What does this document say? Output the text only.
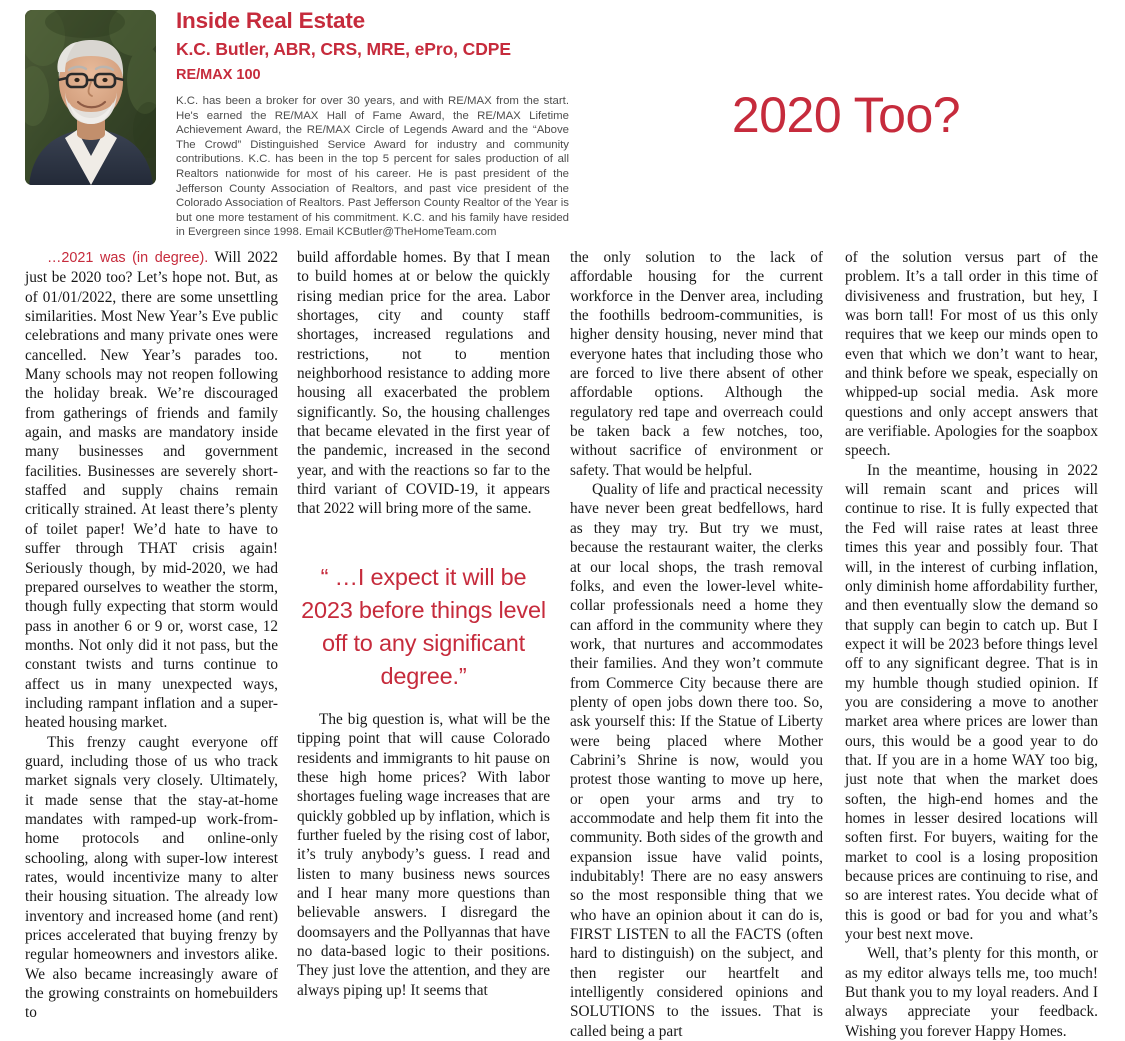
Inside Real Estate
K.C. Butler, ABR, CRS, MRE, ePro, CDPE
RE/MAX 100
K.C. has been a broker for over 30 years, and with RE/MAX from the start. He's earned the RE/MAX Hall of Fame Award, the RE/MAX Lifetime Achievement Award, the RE/MAX Circle of Legends Award and the “Above The Crowd” Distinguished Service Award for industry and community contributions. K.C. has been in the top 5 percent for sales production of all Realtors nationwide for most of his career. He is past president of the Jefferson County Association of Realtors, and past vice president of the Colorado Association of Realtors. Past Jefferson County Realtor of the Year is but one more testament of his commitment. K.C. and his family have resided in Evergreen since 1998. Email KCButler@TheHomeTeam.com
2020 Too?

…2021 was (in degree). Will 2022 just be 2020 too? Let’s hope not. But, as of 01/01/2022, there are some unsettling similarities. Most New Year’s Eve public celebrations and many private ones were cancelled. New Year’s parades too. Many schools may not reopen following the holiday break. We’re discouraged from gatherings of friends and family again, and masks are mandatory inside many businesses and government facilities. Businesses are severely short-staffed and supply chains remain critically strained. At least there’s plenty of toilet paper! We’d hate to have to suffer through THAT crisis again! Seriously though, by mid-2020, we had prepared ourselves to weather the storm, though fully expecting that storm would pass in another 6 or 9 or, worst case, 12 months. Not only did it not pass, but the constant twists and turns continue to affect us in many unexpected ways, including rampant inflation and a super-heated housing market.

This frenzy caught everyone off guard, including those of us who track market signals very closely. Ultimately, it made sense that the stay-at-home mandates with ramped-up work-from-home protocols and online-only schooling, along with super-low interest rates, would incentivize many to alter their housing situation. The already low inventory and increased home (and rent) prices accelerated that buying frenzy by regular homeowners and investors alike. We also became increasingly aware of the growing constraints on homebuilders to

build affordable homes. By that I mean to build homes at or below the quickly rising median price for the area. Labor shortages, city and county staff shortages, increased regulations and restrictions, not to mention neighborhood resistance to adding more housing all exacerbated the problem significantly. So, the housing challenges that became elevated in the first year of the pandemic, increased in the second year, and with the reactions so far to the third variant of COVID-19, it appears that 2022 will bring more of the same.

“ …I expect it will be 2023 before things level off to any significant degree.”

The big question is, what will be the tipping point that will cause Colorado residents and immigrants to hit pause on these high home prices? With labor shortages fueling wage increases that are quickly gobbled up by inflation, which is further fueled by the rising cost of labor, it’s truly anybody’s guess. I read and listen to many business news sources and I hear many more questions than believable answers. I disregard the doomsayers and the Pollyannas that have no data-based logic to their positions. They just love the attention, and they are always piping up! It seems that

the only solution to the lack of affordable housing for the current workforce in the Denver area, including the foothills bedroom-communities, is higher density housing, never mind that everyone hates that including those who are forced to live there absent of other affordable options. Although the regulatory red tape and overreach could be taken back a few notches, too, without sacrifice of environment or safety. That would be helpful.

Quality of life and practical necessity have never been great bedfellows, hard as they may try. But try we must, because the restaurant waiter, the clerks at our local shops, the trash removal folks, and even the lower-level white-collar professionals need a home they can afford in the community where they work, that nurtures and accommodates their families. And they won’t commute from Commerce City because there are plenty of open jobs down there too. So, ask yourself this: If the Statue of Liberty were being placed where Mother Cabrini’s Shrine is now, would you protest those wanting to move up here, or open your arms and try to accommodate and help them fit into the community. Both sides of the growth and expansion issue have valid points, indubitably! There are no easy answers so the most responsible thing that we who have an opinion about it can do is, FIRST LISTEN to all the FACTS (often hard to distinguish) on the subject, and then register our heartfelt and intelligently considered opinions and SOLUTIONS to the issues. That is called being a part

of the solution versus part of the problem. It’s a tall order in this time of divisiveness and frustration, but hey, I was born tall! For most of us this only requires that we keep our minds open to even that which we don’t want to hear, and think before we speak, especially on whipped-up social media. Ask more questions and only accept answers that are verifiable. Apologies for the soapbox speech.

In the meantime, housing in 2022 will remain scant and prices will continue to rise. It is fully expected that the Fed will raise rates at least three times this year and possibly four. That will, in the interest of curbing inflation, only diminish home affordability further, and then eventually slow the demand so that supply can begin to catch up. But I expect it will be 2023 before things level off to any significant degree. That is in my humble though studied opinion. If you are considering a move to another market area where prices are lower than ours, this would be a good year to do that. If you are in a home WAY too big, just note that when the market does soften, the high-end homes and the homes in lesser desired locations will soften first. For buyers, waiting for the market to cool is a losing proposition because prices are continuing to rise, and so are interest rates. You decide what of this is good or bad for you and what’s your best next move.

Well, that’s plenty for this month, or as my editor always tells me, too much! But thank you to my loyal readers. And I always appreciate your feedback. Wishing you forever Happy Homes.
